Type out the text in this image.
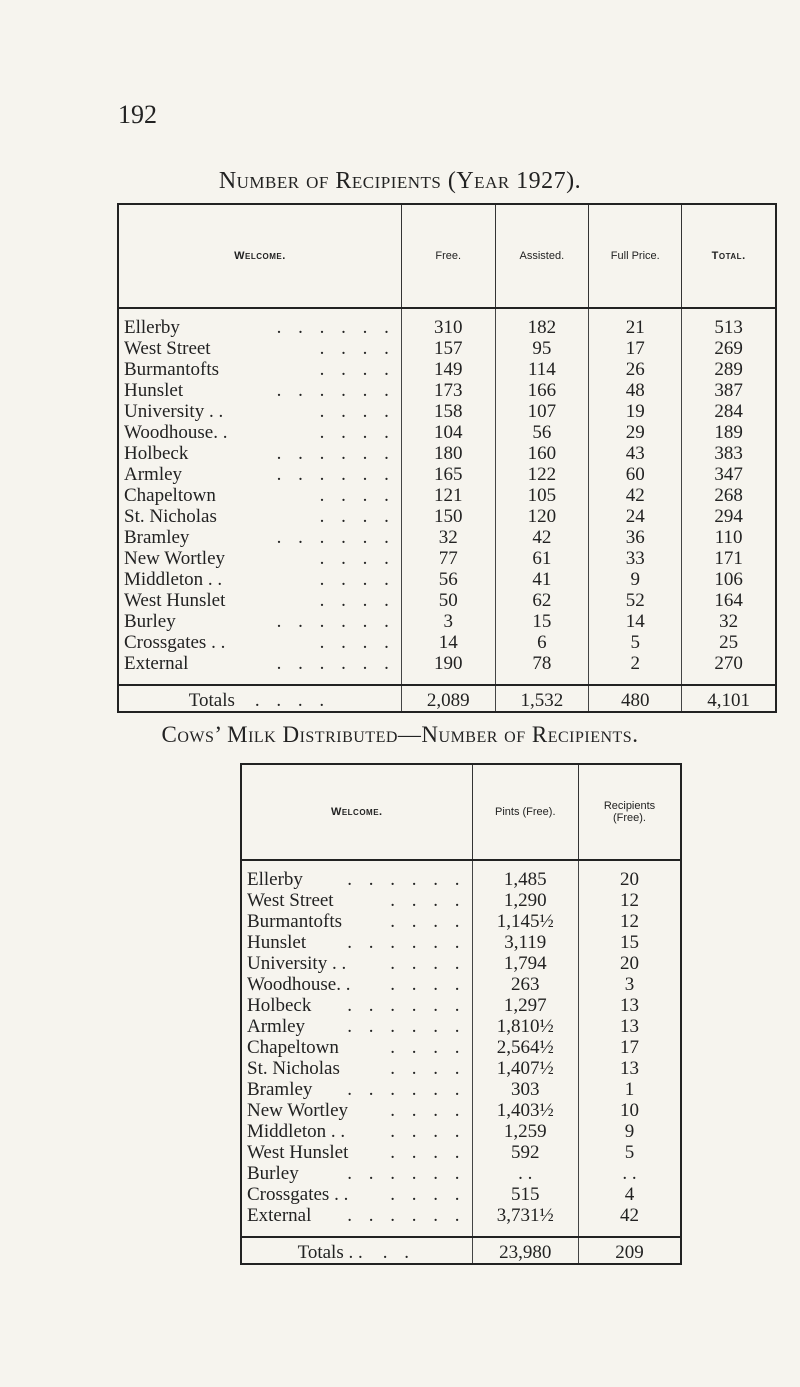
192
Number of Recipients (Year 1927).
Welcome.	Free.	Assisted.	Full Price.	Total.

Ellerby . . . . . .	310	182	21	513

West Street . . . .	157	95	17	269

Burmantofts . . . .	149	114	26	289

Hunslet . . . . . .	173	166	48	387

University . . . . . .	158	107	19	284

Woodhouse. . . . . .	104	56	29	189

Holbeck . . . . . .	180	160	43	383

Armley . . . . . .	165	122	60	347

Chapeltown . . . .	121	105	42	268

St. Nicholas . . . .	150	120	24	294

Bramley . . . . . .	32	42	36	110

New Wortley . . . .	77	61	33	171

Middleton . . . . . .	56	41	9	106

West Hunslet . . . .	50	62	52	164

Burley . . . . . .	3	15	14	32

Crossgates . . . . . .	14	6	5	25

External . . . . . .	190	78	2	270

Totals . . . .	2,089	1,532	480	4,101
Cows’ Milk Distributed—Number of Recipients.
Welcome.	Pints (Free).	Recipients (Free).

Ellerby . . . . . .	1,485	20

West Street . . . .	1,290	12

Burmantofts . . . .	1,145½	12

Hunslet . . . . . .	3,119	15

University . . . . . .	1,794	20

Woodhouse. . . . . .	263	3

Holbeck . . . . . .	1,297	13

Armley . . . . . .	1,810½	13

Chapeltown . . . .	2,564½	17

St. Nicholas . . . .	1,407½	13

Bramley . . . . . .	303	1

New Wortley . . . .	1,403½	10

Middleton . . . . . .	1,259	9

West Hunslet . . . .	592	5

Burley . . . . . .	. .	. .

Crossgates . . . . . .	515	4

External . . . . . .	3,731½	42

Totals . . . .	23,980	209
